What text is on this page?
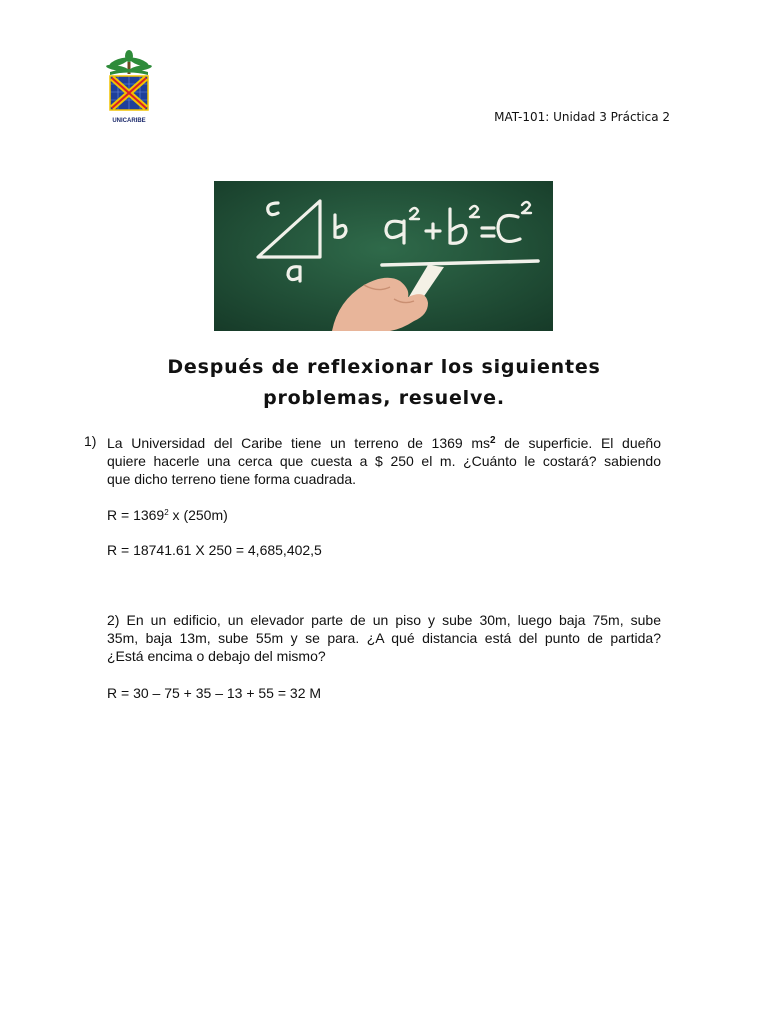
UNICARIBE	MAT-101: Unidad 3 Práctica 2
Después de reflexionar los siguientes
problemas, resuelve.
1) La Universidad del Caribe tiene un terreno de 1369 $ms^2$ de superficie. El dueño
quiere hacerle una cerca que cuesta a $ 250 el m. ¿Cuánto le costará? sabiendo
que dicho terreno tiene forma cuadrada.
$R = 1369^2$ x (250m)
R = 18741.61 X 250 = 4,685,402,5
2) En un edificio, un elevador parte de un piso y sube 30m, luego baja 75m, sube
35m, baja 13m, sube 55m y se para. ¿A qué distancia está del punto de partida?
¿Está encima o debajo del mismo?
R = 30 – 75 + 35 – 13 + 55 = 32 M
